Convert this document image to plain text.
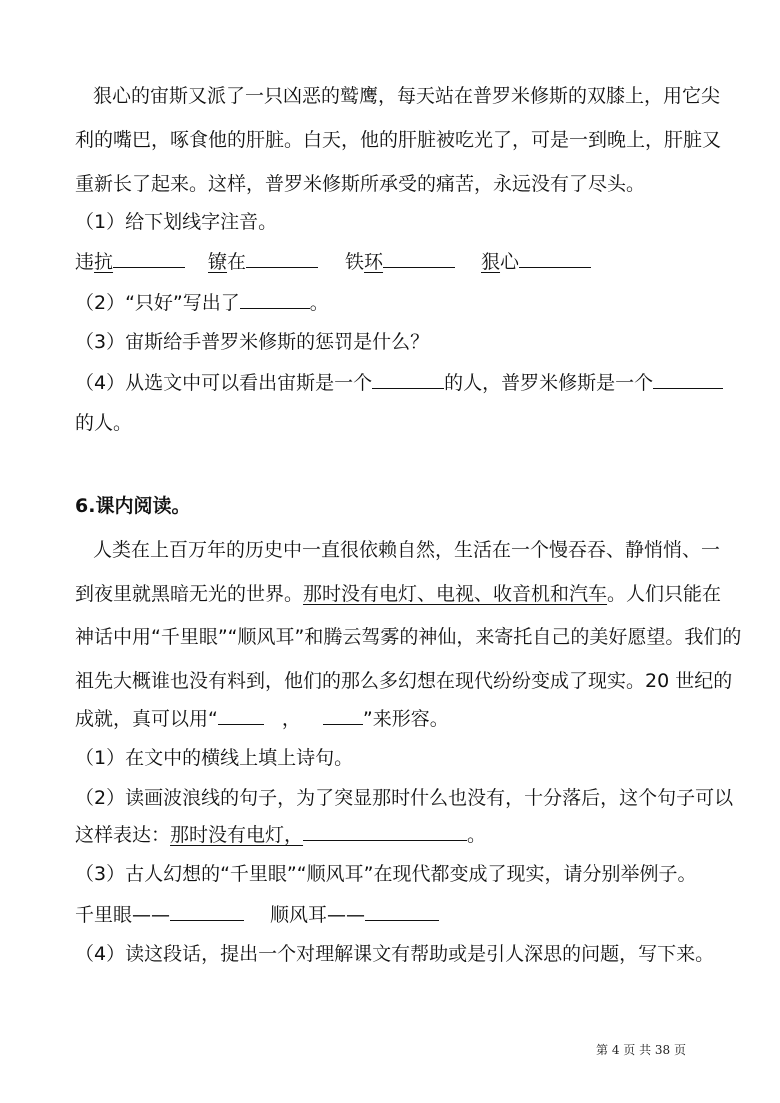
狠心的宙斯又派了一只凶恶的鹫鹰，每天站在普罗米修斯的双膝上，用它尖
利的嘴巴，啄食他的肝脏。白天，他的肝脏被吃光了，可是一到晚上，肝脏又
重新长了起来。这样，普罗米修斯所承受的痛苦，永远没有了尽头。
（1）给下划线字注音。
违抗	镣在	铁环	狠心
（2）“只好”写出了	。
（3）宙斯给手普罗米修斯的惩罚是什么？
（4）从选文中可以看出宙斯是一个	的人，普罗米修斯是一个
的人。
6.课内阅读。
人类在上百万年的历史中一直很依赖自然，生活在一个慢吞吞、静悄悄、一
到夜里就黑暗无光的世界。那时没有电灯、电视、收音机和汽车。人们只能在
神话中用“千里眼”“顺风耳”和腾云驾雾的神仙，来寄托自己的美好愿望。我们的
祖先大概谁也没有料到，他们的那么多幻想在现代纷纷变成了现实。20 世纪的
成就，真可以用“	，	”来形容。
（1）在文中的横线上填上诗句。
（2）读画波浪线的句子，为了突显那时什么也没有，十分落后，这个句子可以
这样表达：那时没有电灯，	。
（3）古人幻想的“千里眼”“顺风耳”在现代都变成了现实，请分别举例子。
千里眼——	顺风耳——
（4）读这段话，提出一个对理解课文有帮助或是引人深思的问题，写下来。
第 4 页 共 38 页
